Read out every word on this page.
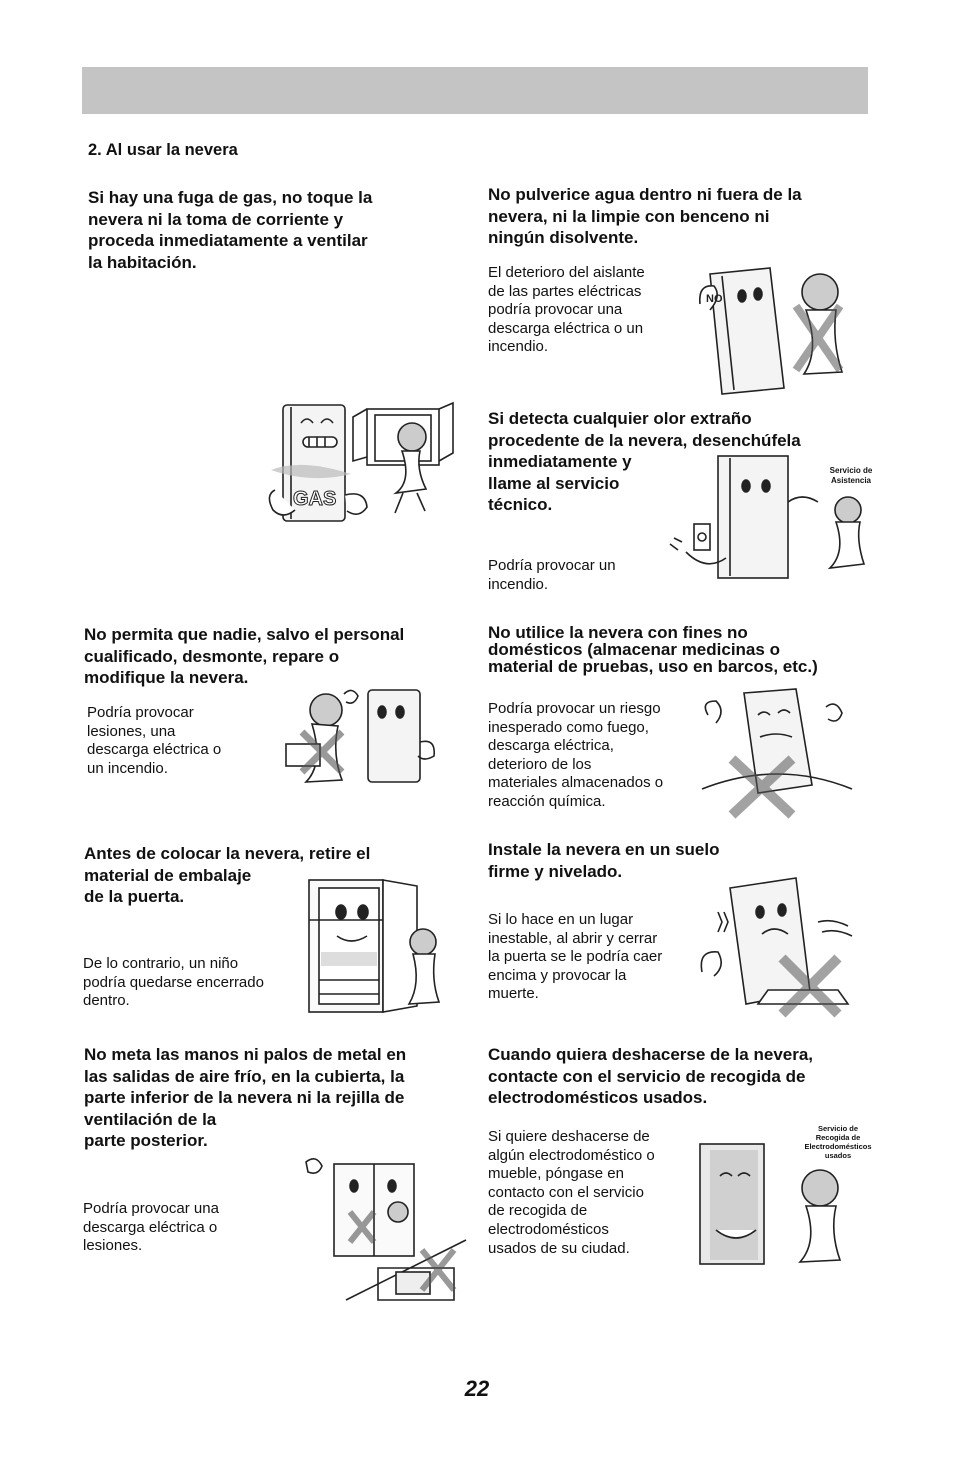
2. Al usar la nevera

Si hay una fuga de gas, no toque la
nevera ni la toma de corriente y
proceda inmediatamente a ventilar
la habitación.

GAS

No permita que nadie, salvo el personal
cualificado, desmonte, repare o
modifique la nevera.

Podría provocar
lesiones, una
descarga eléctrica o
un incendio.

Antes de colocar la nevera, retire el
material de embalaje
de la puerta.

De lo contrario, un niño
podría quedarse encerrado
dentro.

No meta las manos ni palos de metal en
las salidas de aire frío, en la cubierta, la
parte inferior de la nevera ni la rejilla de
ventilación de la
parte posterior.

Podría provocar una
descarga eléctrica o
lesiones.

No pulverice agua dentro ni fuera de la
nevera, ni la limpie con benceno ni
ningún disolvente.

El deterioro del aislante
de las partes eléctricas
podría provocar una
descarga eléctrica o un
incendio.

NO

Si detecta cualquier olor extraño
procedente de la nevera, desenchúfela

inmediatamente y
llame al servicio
técnico.

Podría provocar un
incendio.

Servicio de
Asistencia

No utilice la nevera con fines no
domésticos (almacenar medicinas o
material de pruebas, uso en barcos, etc.)

Podría provocar un riesgo
inesperado como fuego,
descarga eléctrica,
deterioro de los
materiales almacenados o
reacción química.

Instale la nevera en un suelo
firme y nivelado.

Si lo hace en un lugar
inestable, al abrir y cerrar
la puerta se le podría caer
encima y provocar la
muerte.

Cuando quiera deshacerse de la nevera,
contacte con el servicio de recogida de
electrodomésticos usados.

Si quiere deshacerse de
algún electrodoméstico o
mueble, póngase en
contacto con el servicio
de recogida de
electrodomésticos
usados de su ciudad.

Servicio de
Recogida de
Electrodomésticos
usados
22
